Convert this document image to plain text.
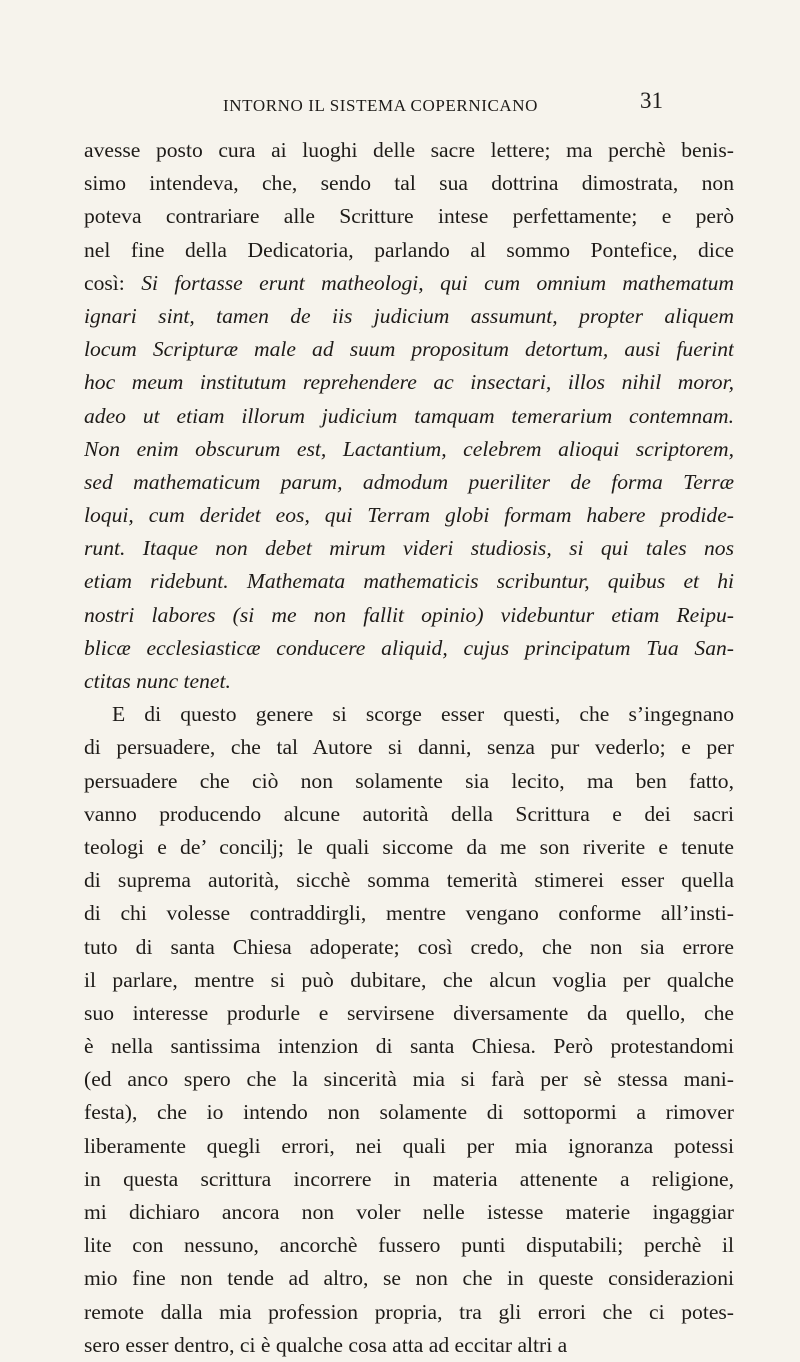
INTORNO IL SISTEMA COPERNICANO	31
avesse posto cura ai luoghi delle sacre lettere; ma perchè benis-
simo intendeva, che, sendo tal sua dottrina dimostrata, non
poteva contrariare alle Scritture intese perfettamente; e però
nel fine della Dedicatoria, parlando al sommo Pontefice, dice
così: Si fortasse erunt matheologi, qui cum omnium mathematum
ignari sint, tamen de iis judicium assumunt, propter aliquem
locum Scripturæ male ad suum propositum detortum, ausi fuerint
hoc meum institutum reprehendere ac insectari, illos nihil moror,
adeo ut etiam illorum judicium tamquam temerarium contemnam.
Non enim obscurum est, Lactantium, celebrem alioqui scriptorem,
sed mathematicum parum, admodum pueriliter de forma Terræ
loqui, cum deridet eos, qui Terram globi formam habere prodide-
runt. Itaque non debet mirum videri studiosis, si qui tales nos
etiam ridebunt. Mathemata mathematicis scribuntur, quibus et hi
nostri labores (si me non fallit opinio) videbuntur etiam Reipu-
blicæ ecclesiasticæ conducere aliquid, cujus principatum Tua San-
ctitas nunc tenet.
E di questo genere si scorge esser questi, che s’ingegnano
di persuadere, che tal Autore si danni, senza pur vederlo; e per
persuadere che ciò non solamente sia lecito, ma ben fatto,
vanno producendo alcune autorità della Scrittura e dei sacri
teologi e de’ concilj; le quali siccome da me son riverite e tenute
di suprema autorità, sicchè somma temerità stimerei esser quella
di chi volesse contraddirgli, mentre vengano conforme all’insti-
tuto di santa Chiesa adoperate; così credo, che non sia errore
il parlare, mentre si può dubitare, che alcun voglia per qualche
suo interesse produrle e servirsene diversamente da quello, che
è nella santissima intenzion di santa Chiesa. Però protestandomi
(ed anco spero che la sincerità mia si farà per sè stessa mani-
festa), che io intendo non solamente di sottopormi a rimover
liberamente quegli errori, nei quali per mia ignoranza potessi
in questa scrittura incorrere in materia attenente a religione,
mi dichiaro ancora non voler nelle istesse materie ingaggiar
lite con nessuno, ancorchè fussero punti disputabili; perchè il
mio fine non tende ad altro, se non che in queste considerazioni
remote dalla mia profession propria, tra gli errori che ci potes-
sero esser dentro, ci è qualche cosa atta ad eccitar altri a
